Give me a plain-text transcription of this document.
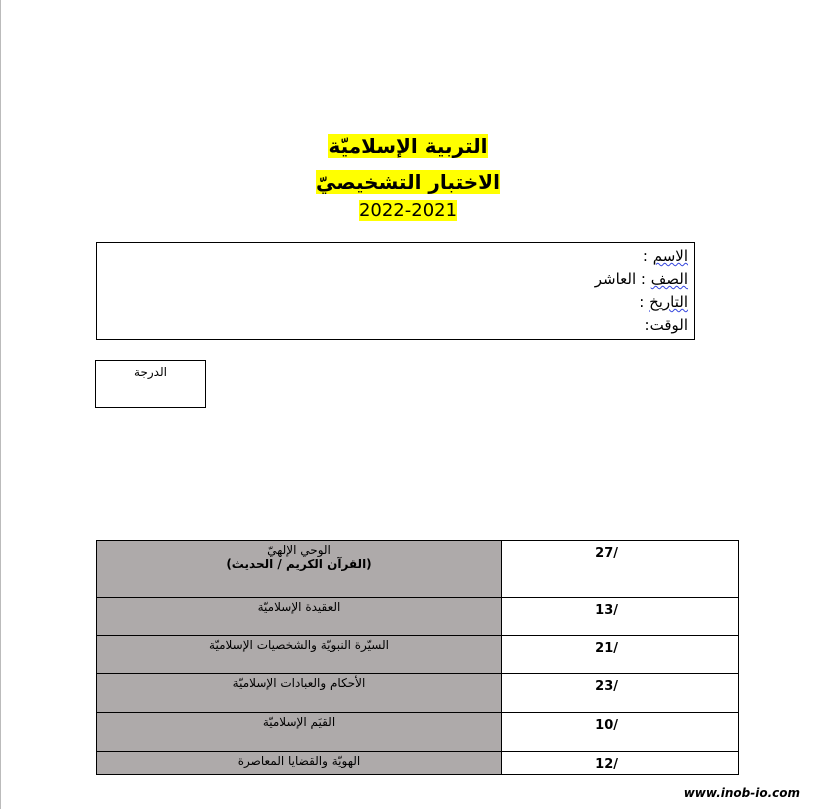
التربية الإسلاميّة
الاختبار التشخيصيّ
2022-2021
الاسم :
الصف : العاشر
التاريخ :
الوقت:
الدرجة
الوحي الإلهيّ
(القرآن الكريم / الحديث)	/27
العقيدة الإسلاميّة	/13
السيّرة النبويّة والشخصيات الإسلاميّة	/21
الأحكام والعبادات الإسلاميّة	/23
القيَم الإسلاميّة	/10
الهويّة والقضايا المعاصرة	/12
www.inob-io.com
